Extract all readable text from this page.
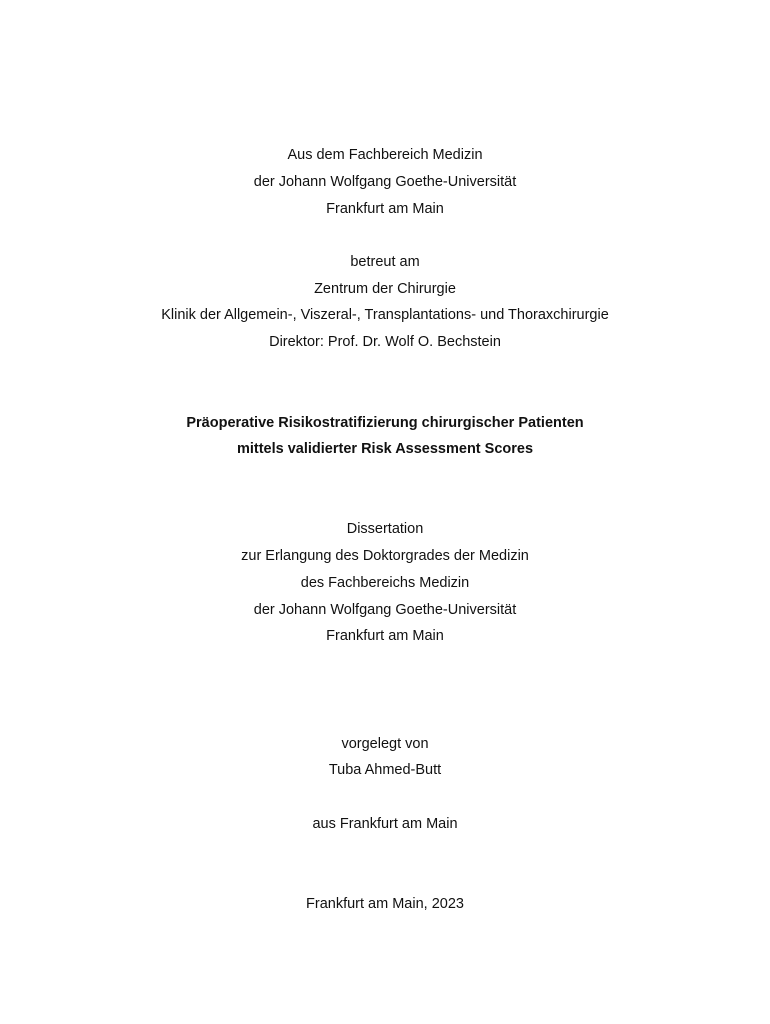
Aus dem Fachbereich Medizin
der Johann Wolfgang Goethe-Universität
Frankfurt am Main
betreut am
Zentrum der Chirurgie
Klinik der Allgemein-, Viszeral-, Transplantations- und Thoraxchirurgie
Direktor: Prof. Dr. Wolf O. Bechstein
Präoperative Risikostratifizierung chirurgischer Patienten
mittels validierter Risk Assessment Scores
Dissertation
zur Erlangung des Doktorgrades der Medizin
des Fachbereichs Medizin
der Johann Wolfgang Goethe-Universität
Frankfurt am Main
vorgelegt von
Tuba Ahmed-Butt
aus Frankfurt am Main
Frankfurt am Main, 2023
